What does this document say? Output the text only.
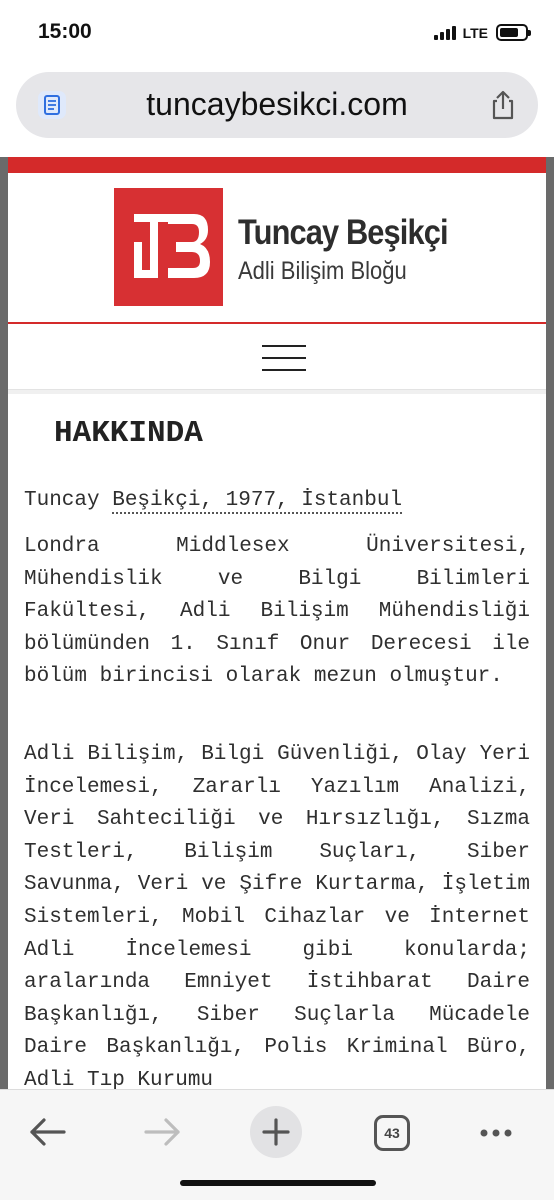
15:00	LTE
tuncaybesikci.com
Tuncay Beşikçi
Adli Bilişim Bloğu
HAKKINDA
Tuncay Beşikçi, 1977, İstanbul
Londra Middlesex Üniversitesi, Mühendislik ve Bilgi Bilimleri Fakültesi, Adli Bilişim Mühendisliği bölümünden 1. Sınıf Onur Derecesi ile bölüm birincisi olarak mezun olmuştur.
Adli Bilişim, Bilgi Güvenliği, Olay Yeri İncelemesi, Zararlı Yazılım Analizi, Veri Sahteciliği ve Hırsızlığı, Sızma Testleri, Bilişim Suçları, Siber Savunma, Veri ve Şifre Kurtarma, İşletim Sistemleri, Mobil Cihazlar ve İnternet Adli İncelemesi gibi konularda; aralarında Emniyet İstihbarat Daire Başkanlığı, Siber Suçlarla Mücadele Daire Başkanlığı, Polis Kriminal Büro, Adli Tıp Kurumu
43
